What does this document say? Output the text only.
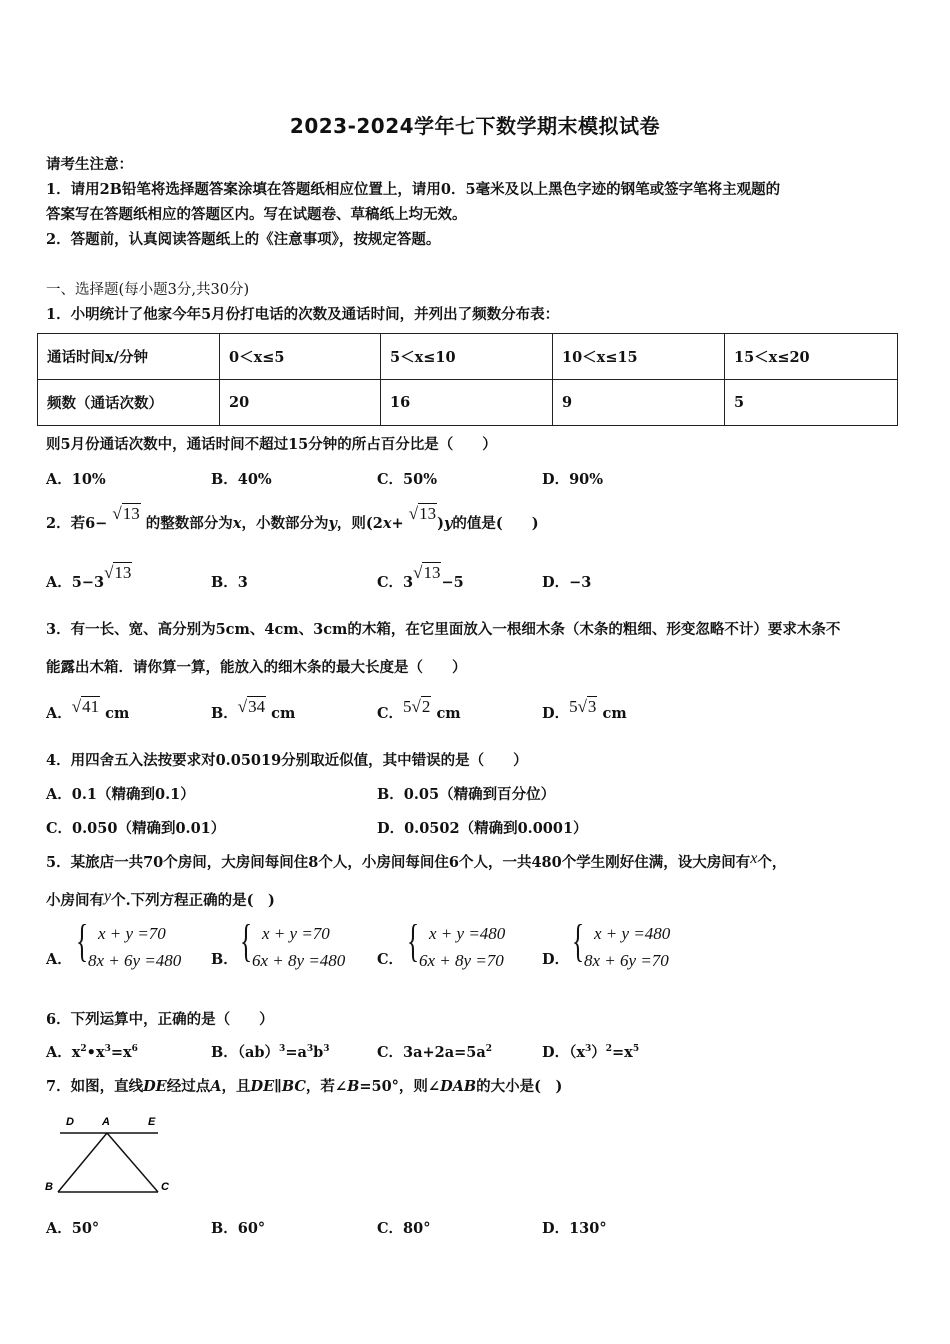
2023-2024学年七下数学期末模拟试卷
请考生注意：
1．请用2B铅笔将选择题答案涂填在答题纸相应位置上，请用0．5毫米及以上黑色字迹的钢笔或签字笔将主观题的
答案写在答题纸相应的答题区内。写在试题卷、草稿纸上均无效。
2．答题前，认真阅读答题纸上的《注意事项》，按规定答题。
一、选择题(每小题3分,共30分)
1．小明统计了他家今年5月份打电话的次数及通话时间，并列出了频数分布表：
通话时间x/分钟	0＜x≤5	5＜x≤10	10＜x≤15	15＜x≤20
频数（通话次数）	20	16	9	5
则5月份通话次数中，通话时间不超过15分钟的所占百分比是（　　）
A．10%	B．40%	C．50%	D．90%
2．若6− √13 的整数部分为x，小数部分为y，则(2x+ √13)y的值是(　　)
A．5−3√13
B．3	C．3√13−5	D．−3
3．有一长、宽、高分别为5cm、4cm、3cm的木箱，在它里面放入一根细木条（木条的粗细、形变忽略不计）要求木条不
能露出木箱．请你算一算，能放入的细木条的最大长度是（　　）
A．√41 cm	B．√34 cm	C．5√2 cm	D．5√3 cm
4．用四舍五入法按要求对0.05019分别取近似值，其中错误的是（　　）
A．0.1（精确到0.1）	B．0.05（精确到百分位）
C．0.050（精确到0.01）	D．0.0502（精确到0.0001）
5．某旅店一共70个房间，大房间每间住8个人，小房间每间住6个人，一共480个学生刚好住满，设大房间有x个，
小房间有y个.下列方程正确的是(　)
A． { x + y =70
8x + 6y =480 B． { x + y =70
6x + 8y =480 C． { x + y =480
6x + 8y =70	D． { x + y =480
8x + 6y =70
6．下列运算中，正确的是（　　）
A．$x^2•x^3=x^6$	B．$(ab)^3=a^3b^3$	C．$3a+2a=5a^2$	D．$(x^3)^2=x^5$
7．如图，直线DE经过点A，且DE∥BC，若∠B=50°，则∠DAB的大小是(　)
D	A	E
B	C
A．50°	B．60°	C．80°	D．130°
